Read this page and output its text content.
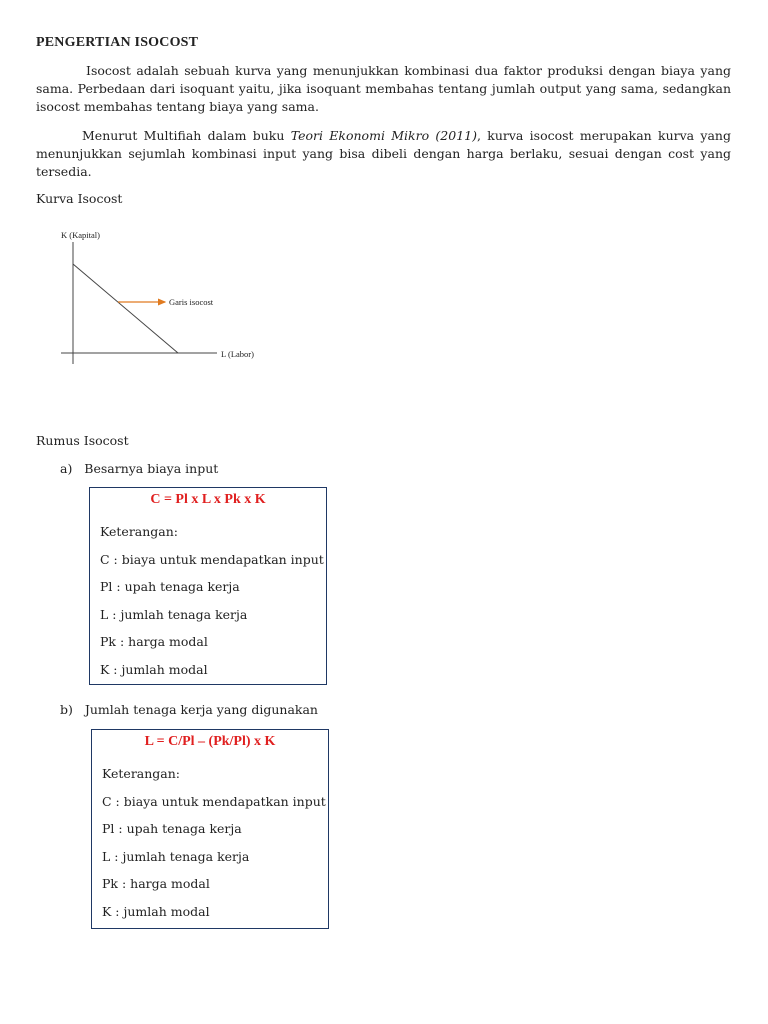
PENGERTIAN ISOCOST

Isocost adalah sebuah kurva yang menunjukkan kombinasi dua faktor produksi dengan biaya yang sama. Perbedaan dari isoquant yaitu, jika isoquant membahas tentang jumlah output yang sama, sedangkan isocost membahas tentang biaya yang sama.

Menurut Multifiah dalam buku Teori Ekonomi Mikro (2011), kurva isocost merupakan kurva yang menunjukkan sejumlah kombinasi input yang bisa dibeli dengan harga berlaku, sesuai dengan cost yang tersedia.

Kurva Isocost

K (Kapital)
L (Labor)
Garis isocost

Rumus Isocost

a) Besarnya biaya input

C = Pl x L x Pk x K

Keterangan:

C : biaya untuk mendapatkan input

Pl : upah tenaga kerja

L : jumlah tenaga kerja

Pk : harga modal

K : jumlah modal

b) Jumlah tenaga kerja yang digunakan

L = C/Pl – (Pk/Pl) x K

Keterangan:

C : biaya untuk mendapatkan input

Pl : upah tenaga kerja

L : jumlah tenaga kerja

Pk : harga modal

K : jumlah modal
